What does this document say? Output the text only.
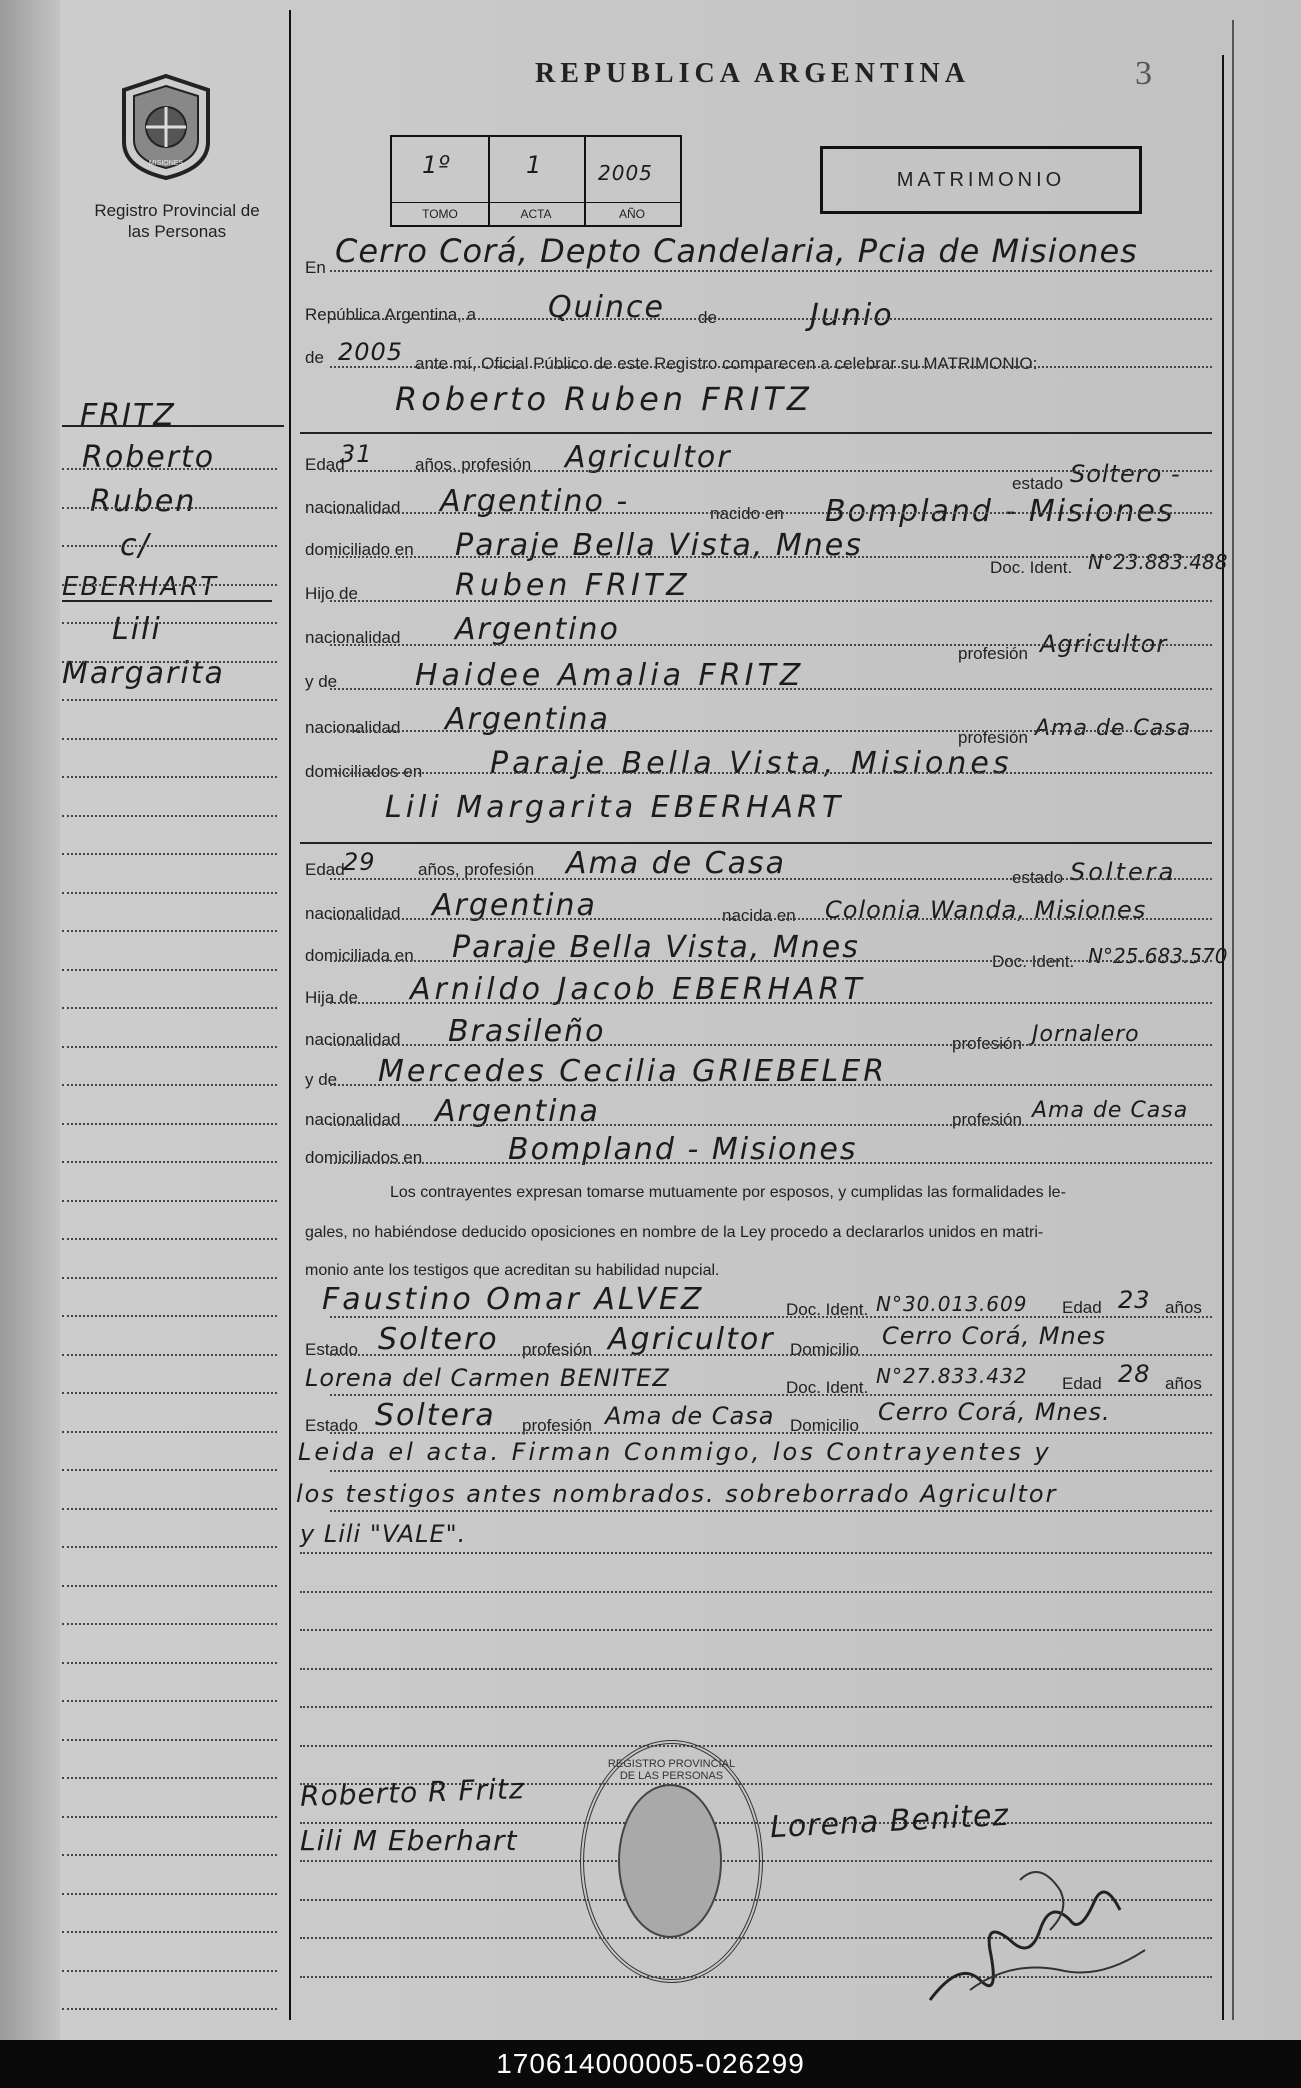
REPUBLICA ARGENTINA	3
MISIONES
Registro Provincial de las Personas
1º
TOMO
1
ACTA
2005
AÑO
MATRIMONIO
FRITZ
Roberto
Ruben
c/
EBERHART
Lili
Margarita
En Cerro Corá, Depto Candelaria, Pcia de Misiones
República Argentina, a Quince de	Junio
de 2005 ante mí, Oficial Público de este Registro comparecen a celebrar su MATRIMONIO:
Roberto Ruben FRITZ
Edad
31 años, profesión Agricultor
estado Soltero -
nacionalidad Argentino -	nacido en Bompland - Misiones
domiciliado en Paraje Bella Vista, Mnes
Doc. Ident. N°23.883.488
Hijo de	Ruben FRITZ
nacionalidad Argentino
profesión Agricultor
y de	Haidee Amalia FRITZ
nacionalidad Argentina
profesión Ama de Casa
domiciliados en Paraje Bella Vista, Misiones
Lili Margarita EBERHART
Edad
29 años, profesión Ama de Casa	estado Soltera
nacionalidad Argentina	nacida en Colonia Wanda, Misiones
domiciliada en Paraje Bella Vista, Mnes	Doc. Ident. N°25.683.570
Hija de Arnildo Jacob EBERHART
nacionalidad Brasileño	profesión Jornalero
y de Mercedes Cecilia GRIEBELER
nacionalidad Argentina	profesión Ama de Casa
domiciliados en	Bompland - Misiones
Los contrayentes expresan tomarse mutuamente por esposos, y cumplidas las formalidades le-
gales, no habiéndose deducido oposiciones en nombre de la Ley procedo a declararlos unidos en matri-
monio ante los testigos que acreditan su habilidad nupcial.
Faustino Omar ALVEZ	Doc. Ident. N°30.013.609 Edad 23 años
Estado Soltero profesión Agricultor Domicilio Cerro Corá, Mnes
Lorena del Carmen BENITEZ	Doc. Ident. N°27.833.432 Edad 28 años
Estado Soltera profesión Ama de Casa Domicilio Cerro Corá, Mnes.
Leida el acta. Firman Conmigo, los Contrayentes y
los testigos antes nombrados. sobreborrado Agricultor
y Lili "VALE".
Roberto R Fritz
Lili M Eberhart	Lorena Benitez
REGISTRO PROVINCIAL DE LAS PERSONAS
170614000005-026299
